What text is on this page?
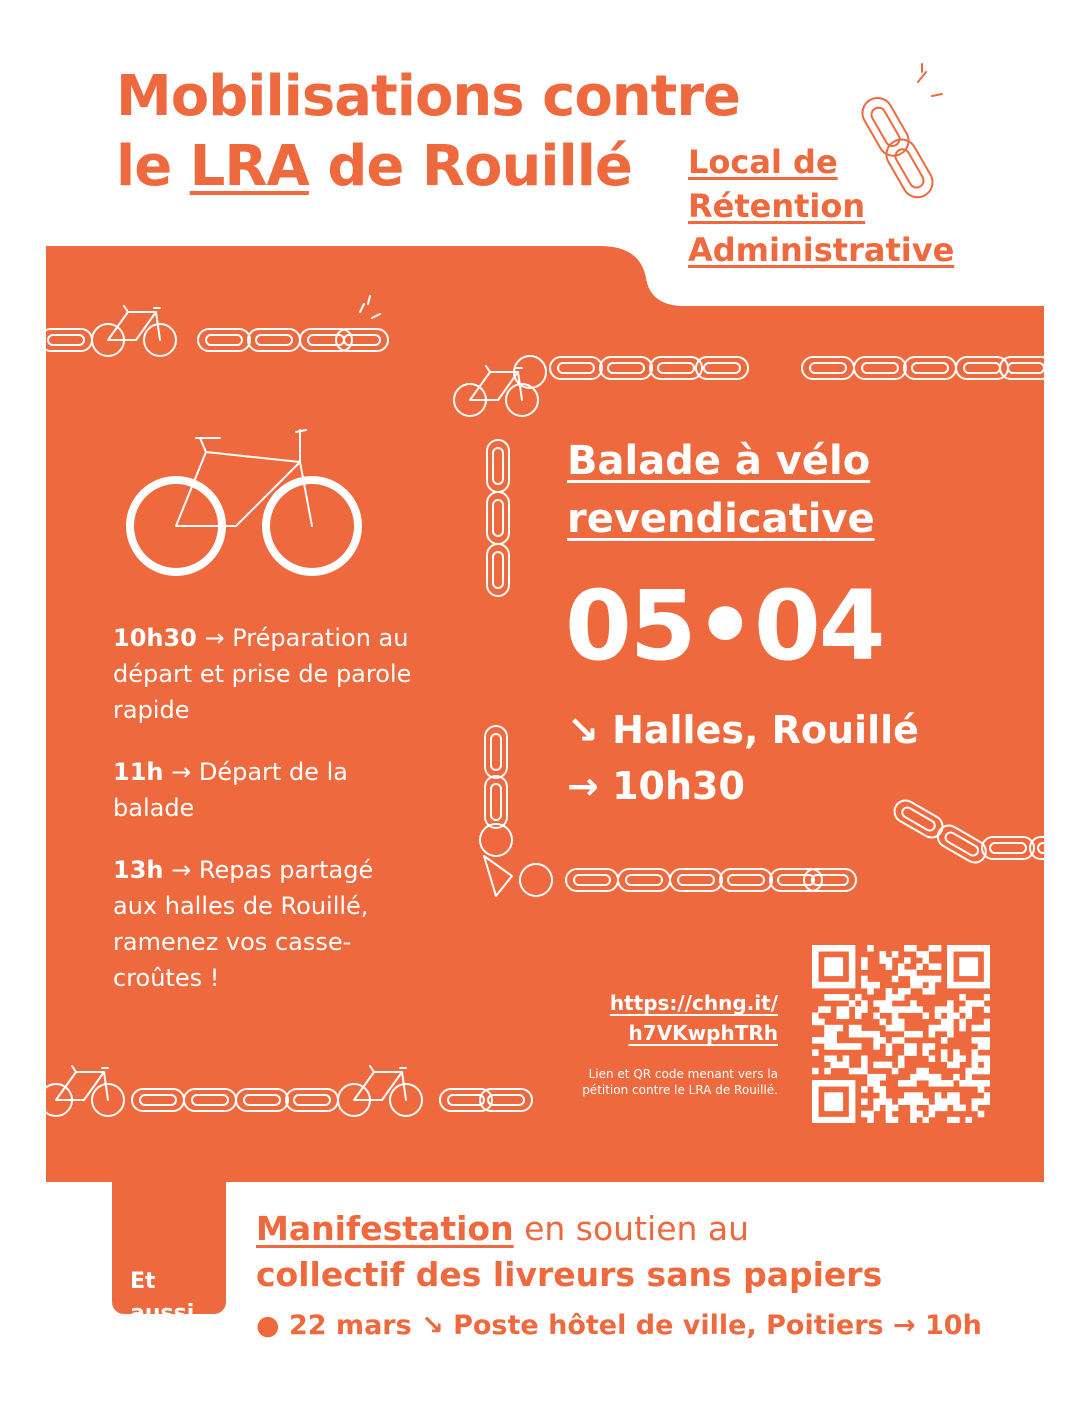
Mobilisations contre
le LRA de Rouillé	Local de
Rétention
Administrative

10h30 → Préparation au départ et prise de parole rapide

11h → Départ de la balade

13h → Repas partagé aux halles de Rouillé, ramenez vos casse-croûtes !

Balade à vélo
revendicative
05•04
↘ Halles, Rouillé
→ 10h30
https://chng.it/
h7VKwphTRh
Lien et QR code menant vers la pétition contre le LRA de Rouillé.
Et
aussi

Manifestation en soutien au
collectif des livreurs sans papiers

● 22 mars ↘ Poste hôtel de ville, Poitiers → 10h
